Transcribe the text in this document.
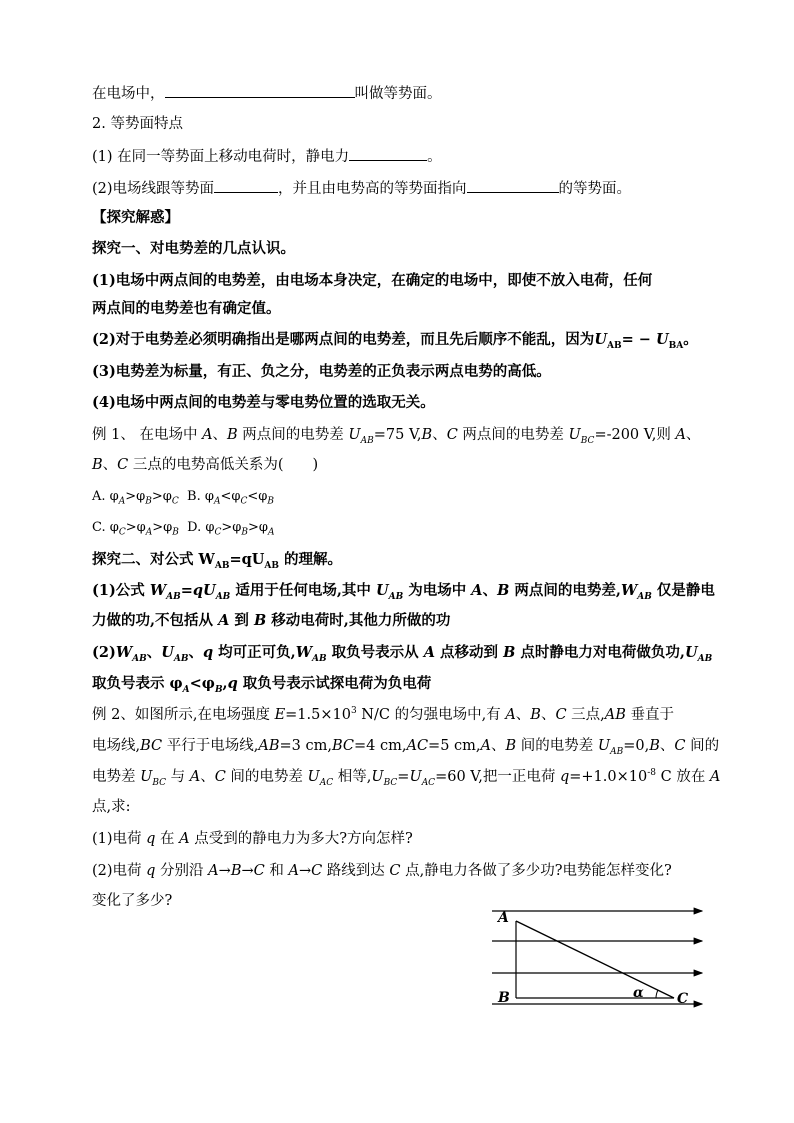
在电场中，	叫做等势面。
2. 等势面特点
(1) 在同一等势面上移动电荷时，静电力	。
(2)电场线跟等势面	，并且由电势高的等势面指向	的等势面。
【探究解惑】
探究一、对电势差的几点认识。
(1)电场中两点间的电势差，由电场本身决定，在确定的电场中，即使不放入电荷，任何
两点间的电势差也有确定值。
(2)对于电势差必须明确指出是哪两点间的电势差，而且先后顺序不能乱，因为$U_{AB}= - U_{BA}$。
(3)电势差为标量，有正、负之分，电势差的正负表示两点电势的高低。
(4)电场中两点间的电势差与零电势位置的选取无关。
例 1、 在电场中 A、B 两点间的电势差 $U_{AB}=75$ V,B、C 两点间的电势差 $U_{BC}=-200$ V,则 A、
B、C 三点的电势高低关系为(　　)
A. $\varphi_A>\varphi_B>\varphi_C$ B. $\varphi_A<\varphi_C<\varphi_B$
C. $\varphi_C>\varphi_A>\varphi_B$ D. $\varphi_C>\varphi_B>\varphi_A$
探究二、对公式 $W_{AB}=qU_{AB}$ 的理解。
(1)公式 $W_{AB}=qU_{AB}$ 适用于任何电场,其中 $U_{AB}$ 为电场中 A、B 两点间的电势差$,W_{AB}$ 仅是静电
力做的功,不包括从 A 到 B 移动电荷时,其他力所做的功
$(2)W_{AB}$、$U_{AB}$、q 均可正可负$,W_{AB}$ 取负号表示从 A 点移动到 B 点时静电力对电荷做负功$,U_{AB}$
取负号表示 $\varphi_A<\varphi_B,q$ 取负号表示试探电荷为负电荷
例 2、如图所示,在电场强度 $E=1.5\times 10^3$ N/C 的匀强电场中,有 A、B、C 三点,AB 垂直于
电场线,BC 平行于电场线,AB=3 cm,BC=4 cm,AC=5 cm,A、B 间的电势差 $U_{AB}=0,B$、C 间的
电势差 $U_{BC}$ 与 A、C 间的电势差 $U_{AC}$ 相等$,U_{BC}=U_{AC}=60$ V,把一正电荷 $q=+1.0\times 10^{-8}$ C 放在 A
点,求:
(1)电荷 q 在 A 点受到的静电力为多大?方向怎样?
(2)电荷 q 分别沿 A→B→C 和 A→C 路线到达 C 点,静电力各做了多少功?电势能怎样变化?
变化了多少?
A
B	C
α
